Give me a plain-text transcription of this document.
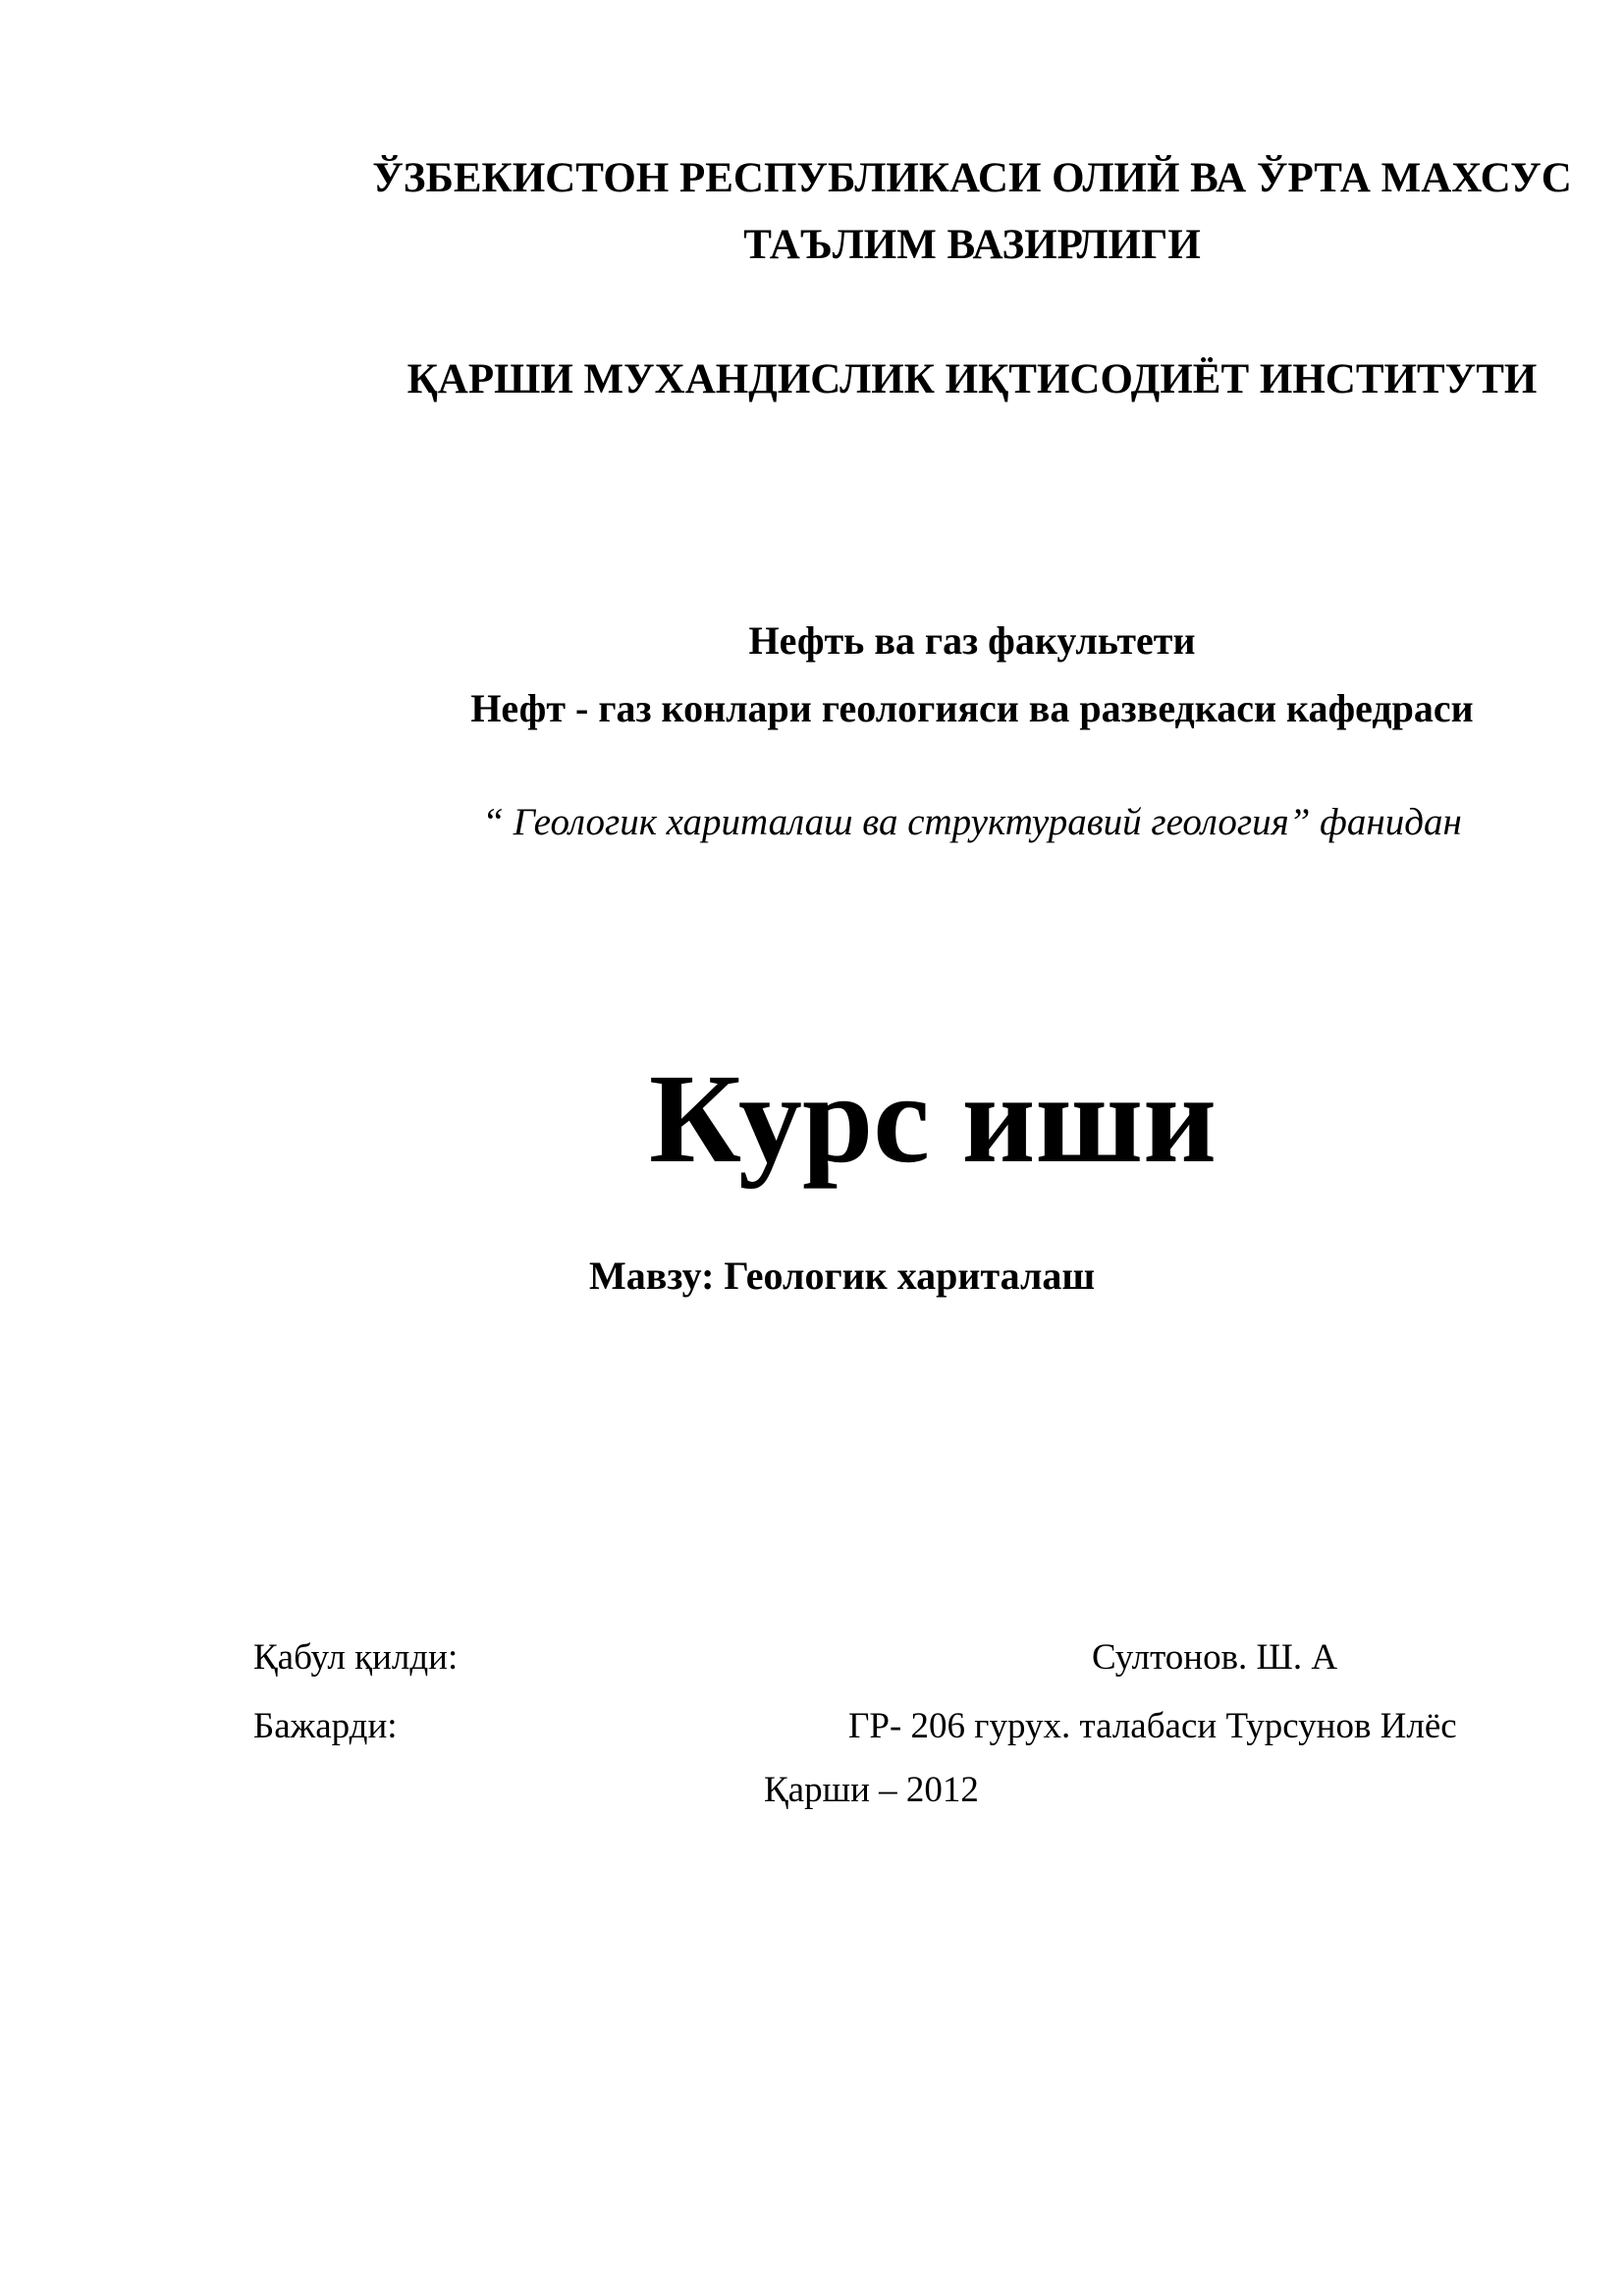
ЎЗБЕКИСТОН РЕСПУБЛИКАСИ ОЛИЙ ВА ЎРТА МАХСУС
ТАЪЛИМ ВАЗИРЛИГИ
ҚАРШИ МУХАНДИСЛИК ИҚТИСОДИЁТ ИНСТИТУТИ
Нефть ва газ факультети
Нефт - газ конлари геологияси ва разведкаси кафедраси
“ Геологик хариталаш ва структуравий геология” фанидан
Курс иши
Мавзу: Геологик хариталаш
Қабул қилди:	Султонов. Ш. А
Бажарди:	ГР- 206 гурух. талабаси Турсунов Илёс
Қарши – 2012
